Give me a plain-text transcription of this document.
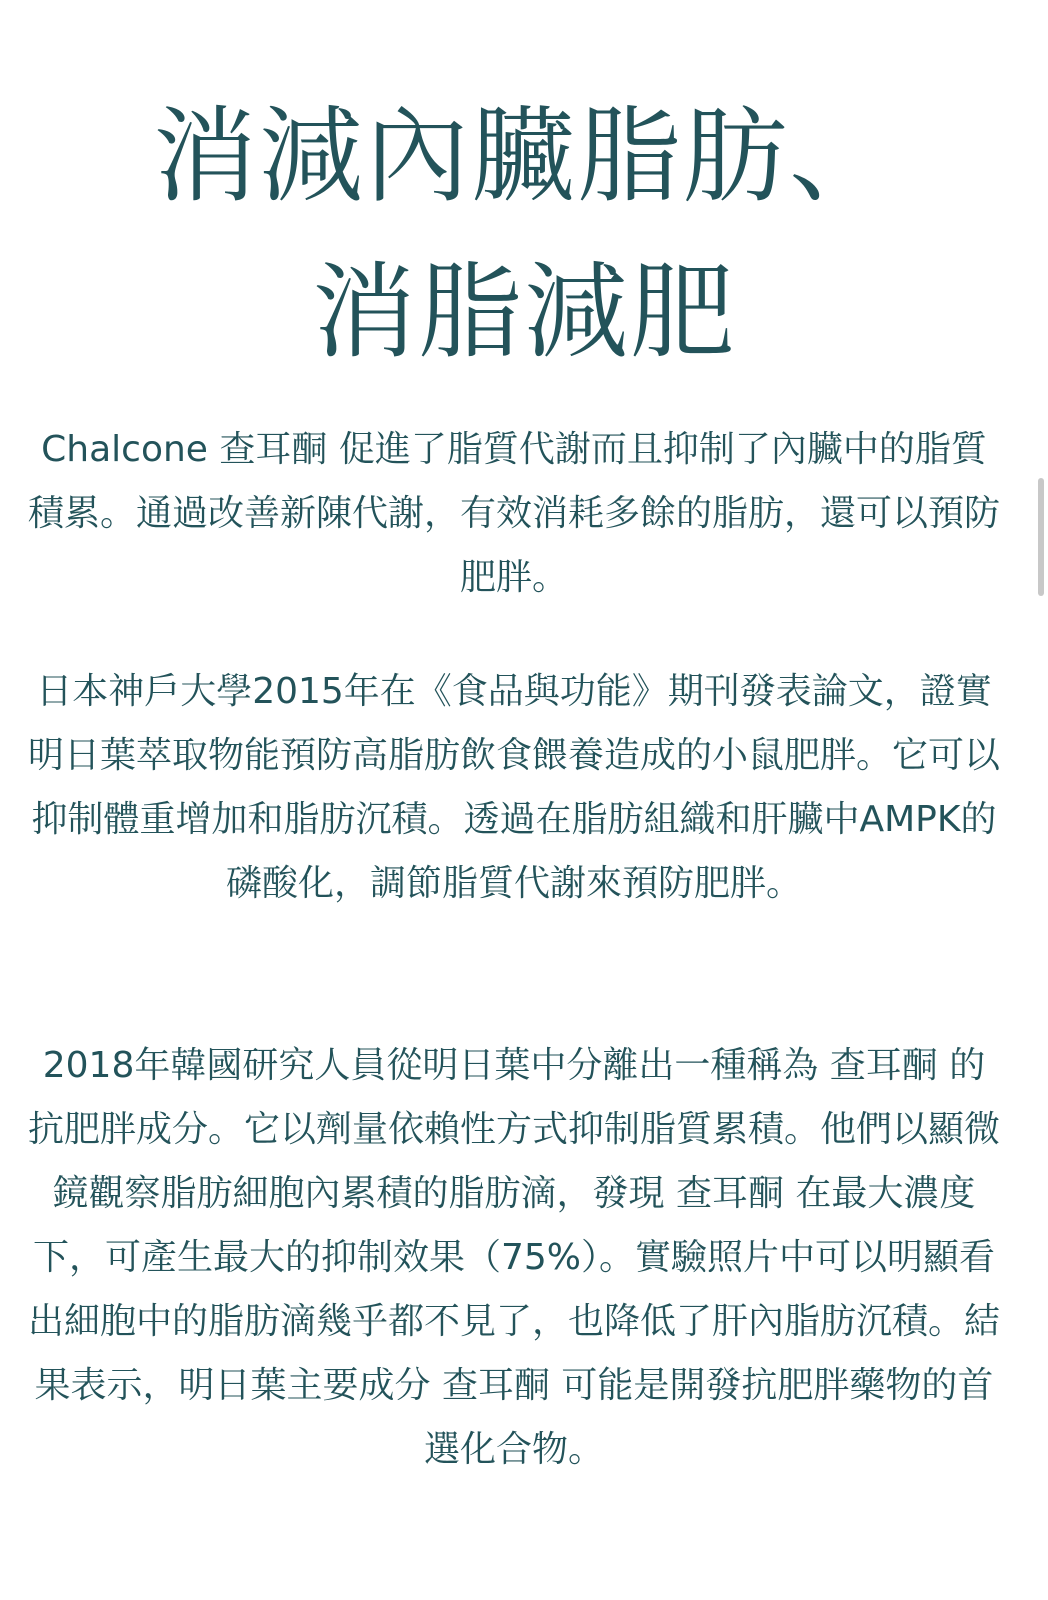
消減內臟脂肪、
消脂減肥

Chalcone 查耳酮 促進了脂質代謝而且抑制了內臟中的脂質積累。通過改善新陳代謝，有效消耗多餘的脂肪，還可以預防肥胖。

日本神戶大學2015年在《食品與功能》期刊發表論文，證實明日葉萃取物能預防高脂肪飲食餵養造成的小鼠肥胖。它可以抑制體重增加和脂肪沉積。透過在脂肪組織和肝臟中AMPK的磷酸化，調節脂質代謝來預防肥胖。

2018年韓國研究人員從明日葉中分離出一種稱為 查耳酮 的抗肥胖成分。它以劑量依賴性方式抑制脂質累積。他們以顯微鏡觀察脂肪細胞內累積的脂肪滴，發現 查耳酮 在最大濃度下，可產生最大的抑制效果（75%）。實驗照片中可以明顯看出細胞中的脂肪滴幾乎都不見了，也降低了肝內脂肪沉積。結果表示，明日葉主要成分 查耳酮 可能是開發抗肥胖藥物的首選化合物。
